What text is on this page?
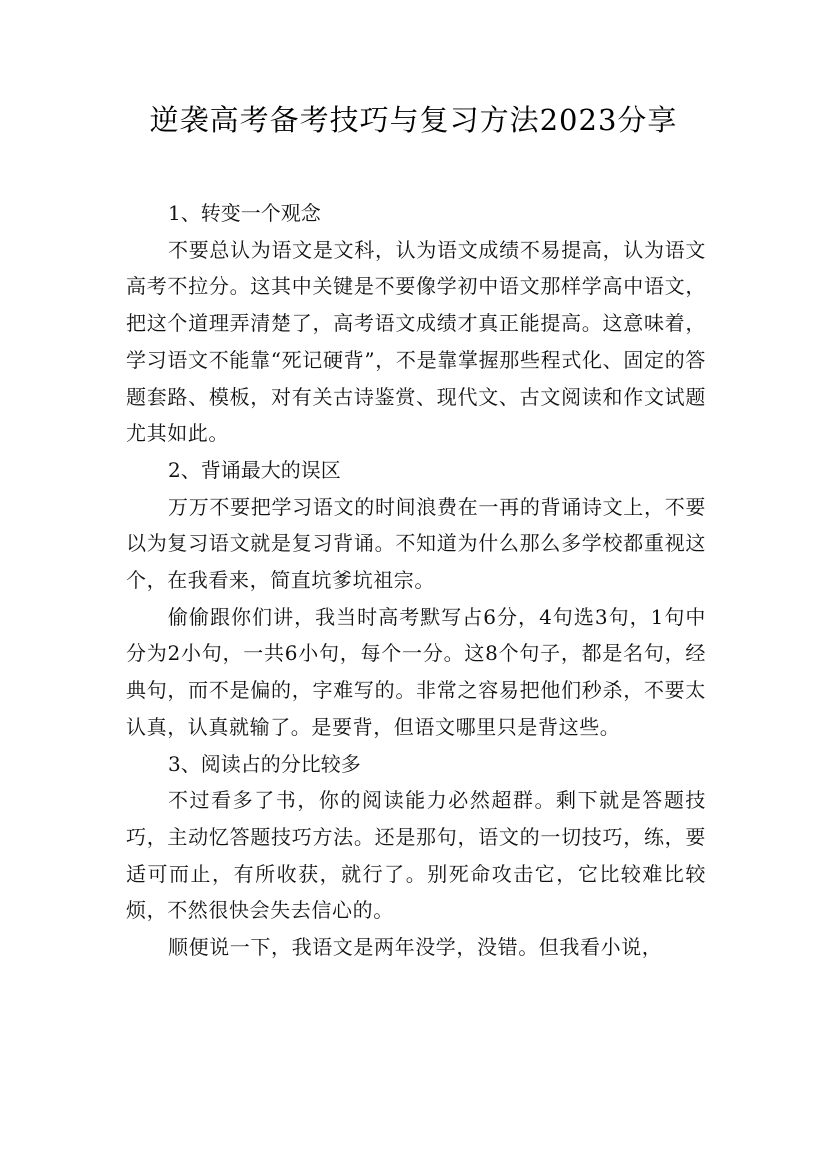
逆袭高考备考技巧与复习方法2023分享

1、转变一个观念

不要总认为语文是文科，认为语文成绩不易提高，认为语文高考不拉分。这其中关键是不要像学初中语文那样学高中语文，把这个道理弄清楚了，高考语文成绩才真正能提高。这意味着，学习语文不能靠“死记硬背”，不是靠掌握那些程式化、固定的答题套路、模板，对有关古诗鉴赏、现代文、古文阅读和作文试题尤其如此。

2、背诵最大的误区

万万不要把学习语文的时间浪费在一再的背诵诗文上，不要以为复习语文就是复习背诵。不知道为什么那么多学校都重视这个，在我看来，简直坑爹坑祖宗。

偷偷跟你们讲，我当时高考默写占6分，4句选3句，1句中分为2小句，一共6小句，每个一分。这8个句子，都是名句，经典句，而不是偏的，字难写的。非常之容易把他们秒杀，不要太认真，认真就输了。是要背，但语文哪里只是背这些。

3、阅读占的分比较多

不过看多了书，你的阅读能力必然超群。剩下就是答题技巧，主动忆答题技巧方法。还是那句，语文的一切技巧，练，要适可而止，有所收获，就行了。别死命攻击它，它比较难比较烦，不然很快会失去信心的。

顺便说一下，我语文是两年没学，没错。但我看小说，
